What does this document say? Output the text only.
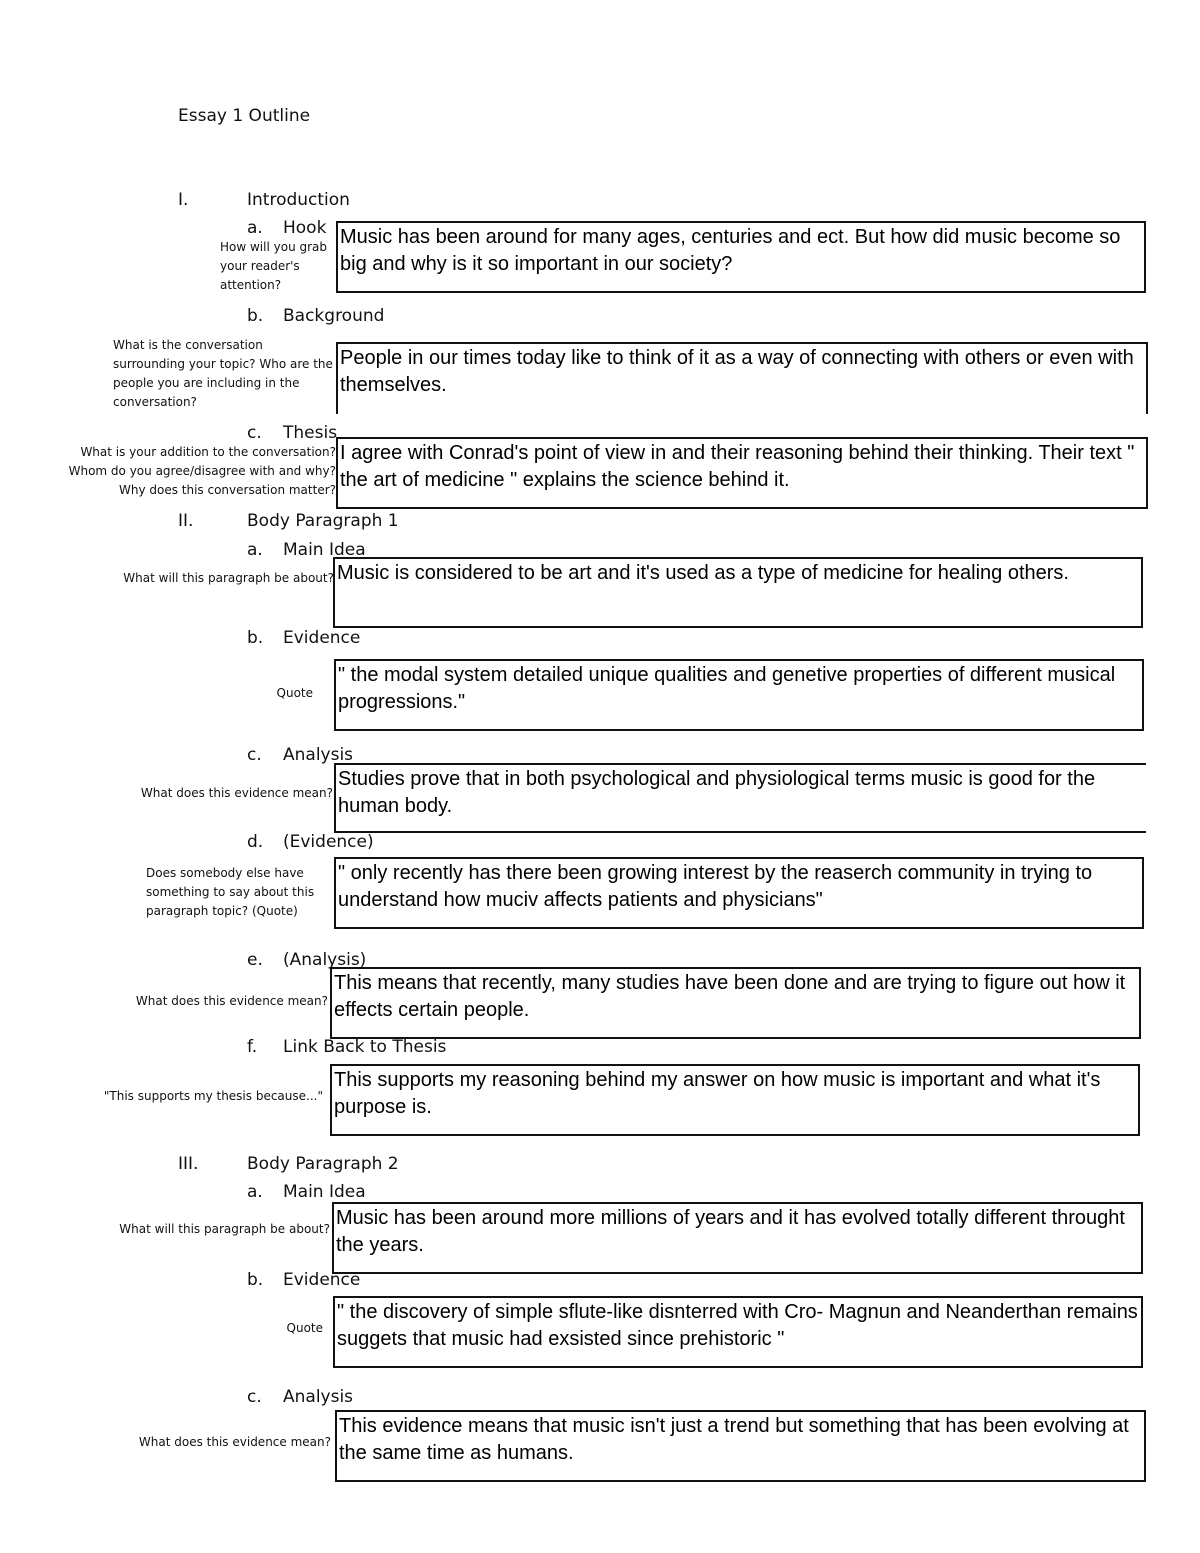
Essay 1 Outline
I.	Introduction
a. Hook
How will you grab your reader's attention?
Music has been around for many ages, centuries and ect. But how did music become so big and why is it so important in our society?
b. Background
What is the conversation surrounding your topic? Who are the people you are including in the conversation?
People in our times today like to think of it as a way of connecting with others or even with themselves.
c. Thesis
What is your addition to the conversation? Whom do you agree/disagree with and why? Why does this conversation matter?
I agree with Conrad's point of view in and their reasoning behind their thinking. Their text " the art of medicine " explains the science behind it.
II.	Body Paragraph 1
a. Main Idea
What will this paragraph be about? Music is considered to be art and it's used as a type of medicine for healing others.
b. Evidence
Quote
" the modal system detailed unique qualities and genetive properties of different musical progressions."
c. Analysis
What does this evidence mean?
Studies prove that in both psychological and physiological terms music is good for the human body.
d. (Evidence)
Does somebody else have something to say about this paragraph topic? (Quote)
" only recently has there been growing interest by the reaserch community in trying to understand how muciv affects patients and physicians"
e. (Analysis)
What does this evidence mean?
This means that recently, many studies have been done and are trying to figure out how it effects certain people.
f. Link Back to Thesis
"This supports my thesis because..."
This supports my reasoning behind my answer on how music is important and what it's purpose is.
III.	Body Paragraph 2
a. Main Idea
What will this paragraph be about? Music has been around more millions of years and it has evolved totally different throught the years.
b. Evidence
Quote
" the discovery of simple sflute-like disnterred with Cro- Magnun and Neanderthan remains suggets that music had exsisted since prehistoric "
c. Analysis
What does this evidence mean?
This evidence means that music isn't just a trend but something that has been evolving at the same time as humans.
